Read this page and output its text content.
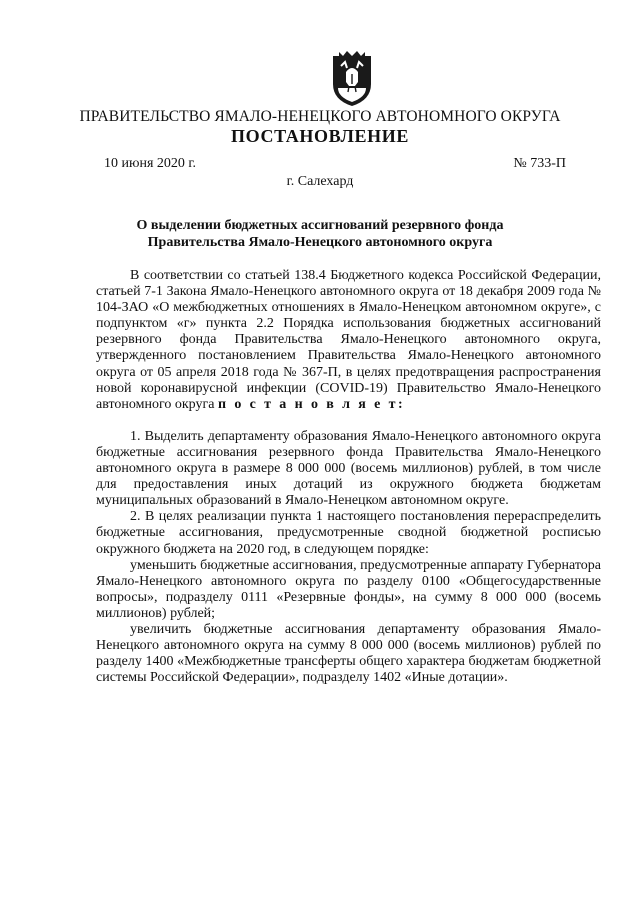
ПРАВИТЕЛЬСТВО ЯМАЛО-НЕНЕЦКОГО АВТОНОМНОГО ОКРУГА
ПОСТАНОВЛЕНИЕ
10 июня 2020 г.	№ 733-П
г. Салехард
О выделении бюджетных ассигнований резервного фонда
Правительства Ямало-Ненецкого автономного округа

В соответствии со статьей 138.4 Бюджетного кодекса Российской Федерации, статьей 7-1 Закона Ямало-Ненецкого автономного округа от 18 декабря 2009 года № 104-ЗАО «О межбюджетных отношениях в Ямало-Ненецком автономном округе», с подпунктом «г» пункта 2.2 Порядка использования бюджетных ассигнований резервного фонда Правительства Ямало-Ненецкого автономного округа, утвержденного постановлением Правительства Ямало-Ненецкого автономного округа от 05 апреля 2018 года № 367-П, в целях предотвращения распространения новой коронавирусной инфекции (COVID-19) Правительство Ямало-Ненецкого автономного округа п о с т а н о в л я е т:

1. Выделить департаменту образования Ямало-Ненецкого автономного округа бюджетные ассигнования резервного фонда Правительства Ямало-Ненецкого автономного округа в размере 8 000 000 (восемь миллионов) рублей, в том числе для предоставления иных дотаций из окружного бюджета бюджетам муниципальных образований в Ямало-Ненецком автономном округе.

2. В целях реализации пункта 1 настоящего постановления перераспределить бюджетные ассигнования, предусмотренные сводной бюджетной росписью окружного бюджета на 2020 год, в следующем порядке:

уменьшить бюджетные ассигнования, предусмотренные аппарату Губернатора Ямало-Ненецкого автономного округа по разделу 0100 «Общегосударственные вопросы», подразделу 0111 «Резервные фонды», на сумму 8 000 000 (восемь миллионов) рублей;

увеличить бюджетные ассигнования департаменту образования Ямало-Ненецкого автономного округа на сумму 8 000 000 (восемь миллионов) рублей по разделу 1400 «Межбюджетные трансферты общего характера бюджетам бюджетной системы Российской Федерации», подразделу 1402 «Иные дотации».
